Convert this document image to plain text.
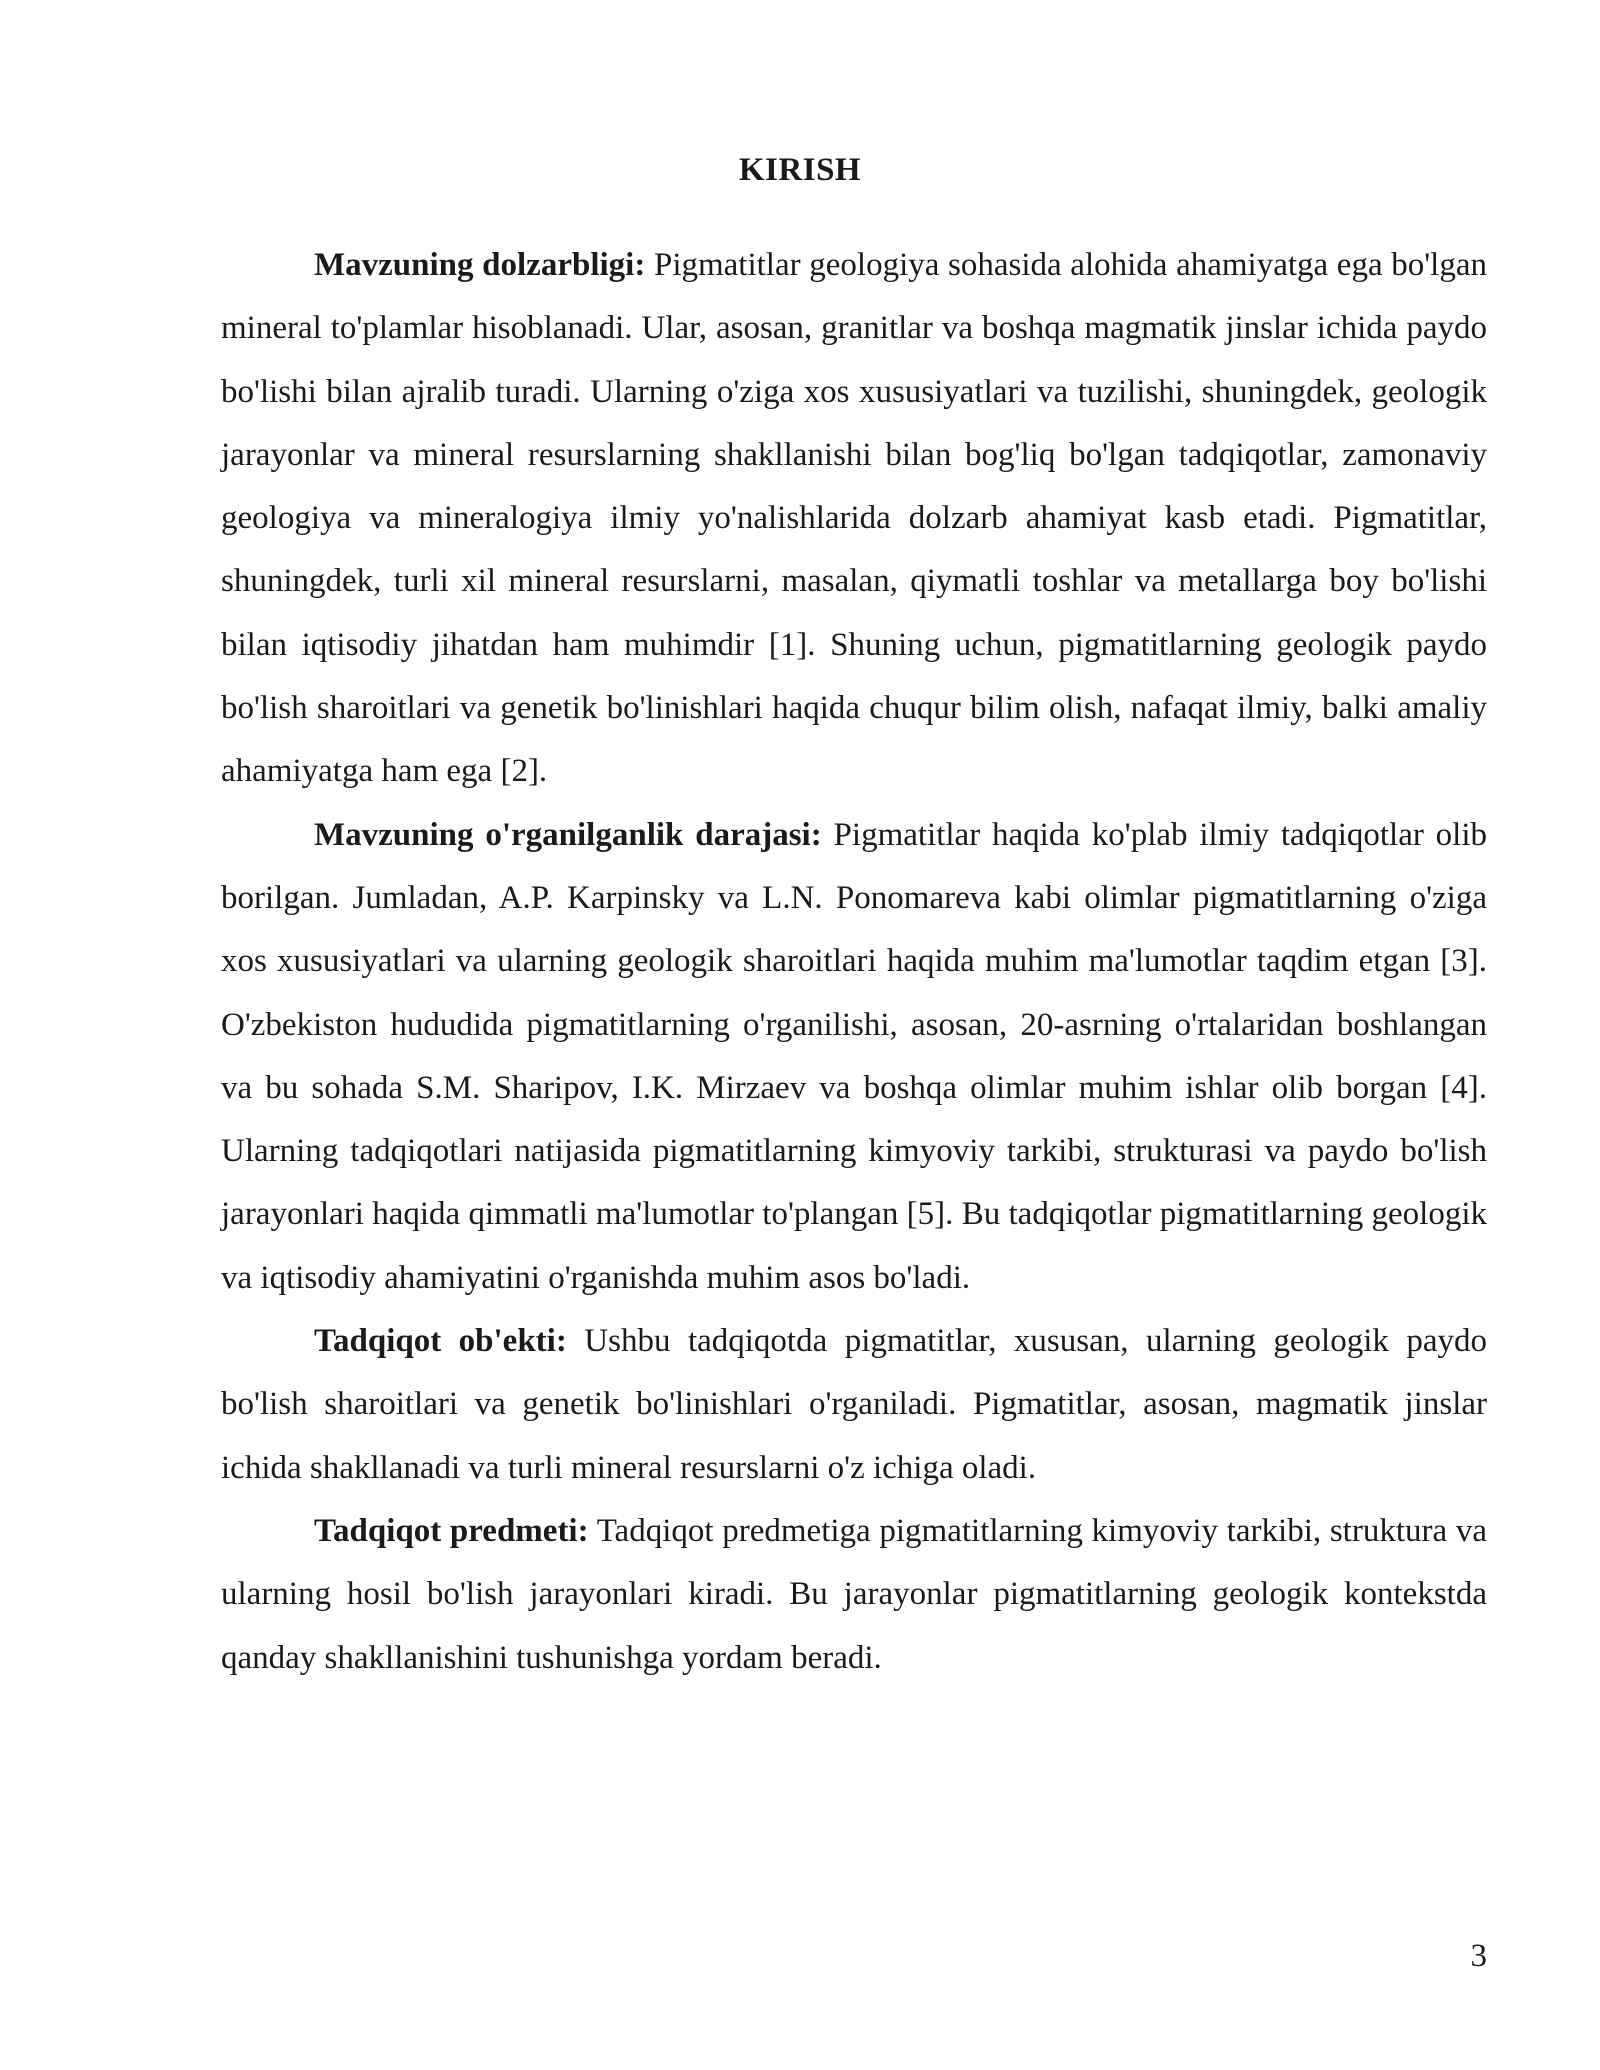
KIRISH

Mavzuning dolzarbligi: Pigmatitlar geologiya sohasida alohida ahamiyatga ega bo'lgan mineral to'plamlar hisoblanadi. Ular, asosan, granitlar va boshqa magmatik jinslar ichida paydo bo'lishi bilan ajralib turadi. Ularning o'ziga xos xususiyatlari va tuzilishi, shuningdek, geologik jarayonlar va mineral resurslarning shakllanishi bilan bog'liq bo'lgan tadqiqotlar, zamonaviy geologiya va mineralogiya ilmiy yo'nalishlarida dolzarb ahamiyat kasb etadi. Pigmatitlar, shuningdek, turli xil mineral resurslarni, masalan, qiymatli toshlar va metallarga boy bo'lishi bilan iqtisodiy jihatdan ham muhimdir [1]. Shuning uchun, pigmatitlarning geologik paydo bo'lish sharoitlari va genetik bo'linishlari haqida chuqur bilim olish, nafaqat ilmiy, balki amaliy ahamiyatga ham ega [2].

Mavzuning o'rganilganlik darajasi: Pigmatitlar haqida ko'plab ilmiy tadqiqotlar olib borilgan. Jumladan, A.P. Karpinsky va L.N. Ponomareva kabi olimlar pigmatitlarning o'ziga xos xususiyatlari va ularning geologik sharoitlari haqida muhim ma'lumotlar taqdim etgan [3]. O'zbekiston hududida pigmatitlarning o'rganilishi, asosan, 20-asrning o'rtalaridan boshlangan va bu sohada S.M. Sharipov, I.K. Mirzaev va boshqa olimlar muhim ishlar olib borgan [4]. Ularning tadqiqotlari natijasida pigmatitlarning kimyoviy tarkibi, strukturasi va paydo bo'lish jarayonlari haqida qimmatli ma'lumotlar to'plangan [5]. Bu tadqiqotlar pigmatitlarning geologik va iqtisodiy ahamiyatini o'rganishda muhim asos bo'ladi.

Tadqiqot ob'ekti: Ushbu tadqiqotda pigmatitlar, xususan, ularning geologik paydo bo'lish sharoitlari va genetik bo'linishlari o'rganiladi. Pigmatitlar, asosan, magmatik jinslar ichida shakllanadi va turli mineral resurslarni o'z ichiga oladi.

Tadqiqot predmeti: Tadqiqot predmetiga pigmatitlarning kimyoviy tarkibi, struktura va ularning hosil bo'lish jarayonlari kiradi. Bu jarayonlar pigmatitlarning geologik kontekstda qanday shakllanishini tushunishga yordam beradi.

3
